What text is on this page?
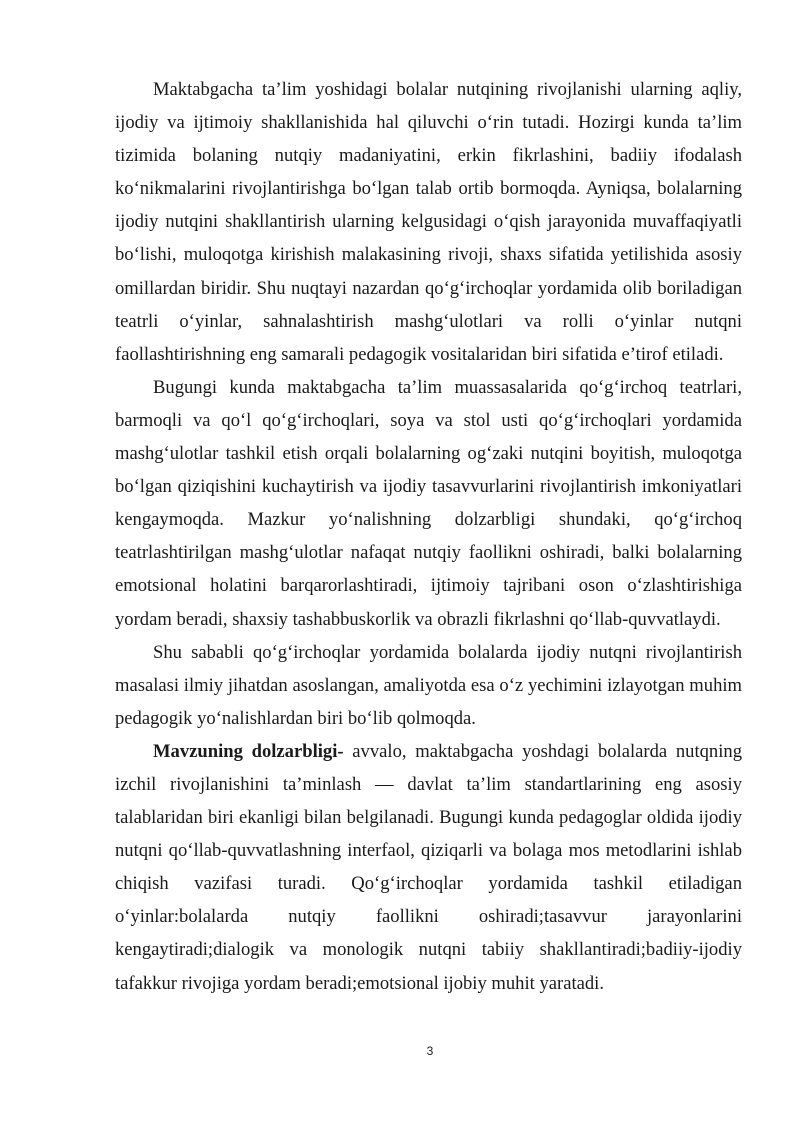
Maktabgacha ta’lim yoshidagi bolalar nutqining rivojlanishi ularning aqliy, ijodiy va ijtimoiy shakllanishida hal qiluvchi o‘rin tutadi. Hozirgi kunda ta’lim tizimida bolaning nutqiy madaniyatini, erkin fikrlashini, badiiy ifodalash ko‘nikmalarini rivojlantirishga bo‘lgan talab ortib bormoqda. Ayniqsa, bolalarning ijodiy nutqini shakllantirish ularning kelgusidagi o‘qish jarayonida muvaffaqiyatli bo‘lishi, muloqotga kirishish malakasining rivoji, shaxs sifatida yetilishida asosiy omillardan biridir. Shu nuqtayi nazardan qo‘g‘irchoqlar yordamida olib boriladigan teatrli o‘yinlar, sahnalashtirish mashg‘ulotlari va rolli o‘yinlar nutqni faollashtirishning eng samarali pedagogik vositalaridan biri sifatida e’tirof etiladi.

Bugungi kunda maktabgacha ta’lim muassasalarida qo‘g‘irchoq teatrlari, barmoqli va qo‘l qo‘g‘irchoqlari, soya va stol usti qo‘g‘irchoqlari yordamida mashg‘ulotlar tashkil etish orqali bolalarning og‘zaki nutqini boyitish, muloqotga bo‘lgan qiziqishini kuchaytirish va ijodiy tasavvurlarini rivojlantirish imkoniyatlari kengaymoqda. Mazkur yo‘nalishning dolzarbligi shundaki, qo‘g‘irchoq teatrlashtirilgan mashg‘ulotlar nafaqat nutqiy faollikni oshiradi, balki bolalarning emotsional holatini barqarorlashtiradi, ijtimoiy tajribani oson o‘zlashtirishiga yordam beradi, shaxsiy tashabbuskorlik va obrazli fikrlashni qo‘llab-quvvatlaydi.

Shu sababli qo‘g‘irchoqlar yordamida bolalarda ijodiy nutqni rivojlantirish masalasi ilmiy jihatdan asoslangan, amaliyotda esa o‘z yechimini izlayotgan muhim pedagogik yo‘nalishlardan biri bo‘lib qolmoqda.

Mavzuning dolzarbligi- avvalo, maktabgacha yoshdagi bolalarda nutqning izchil rivojlanishini ta’minlash — davlat ta’lim standartlarining eng asosiy talablaridan biri ekanligi bilan belgilanadi. Bugungi kunda pedagoglar oldida ijodiy nutqni qo‘llab-quvvatlashning interfaol, qiziqarli va bolaga mos metodlarini ishlab chiqish vazifasi turadi. Qo‘g‘irchoqlar yordamida tashkil etiladigan o‘yinlar:bolalarda nutqiy faollikni oshiradi;tasavvur jarayonlarini kengaytiradi;dialogik va monologik nutqni tabiiy shakllantiradi;badiiy-ijodiy tafakkur rivojiga yordam beradi;emotsional ijobiy muhit yaratadi.

3
